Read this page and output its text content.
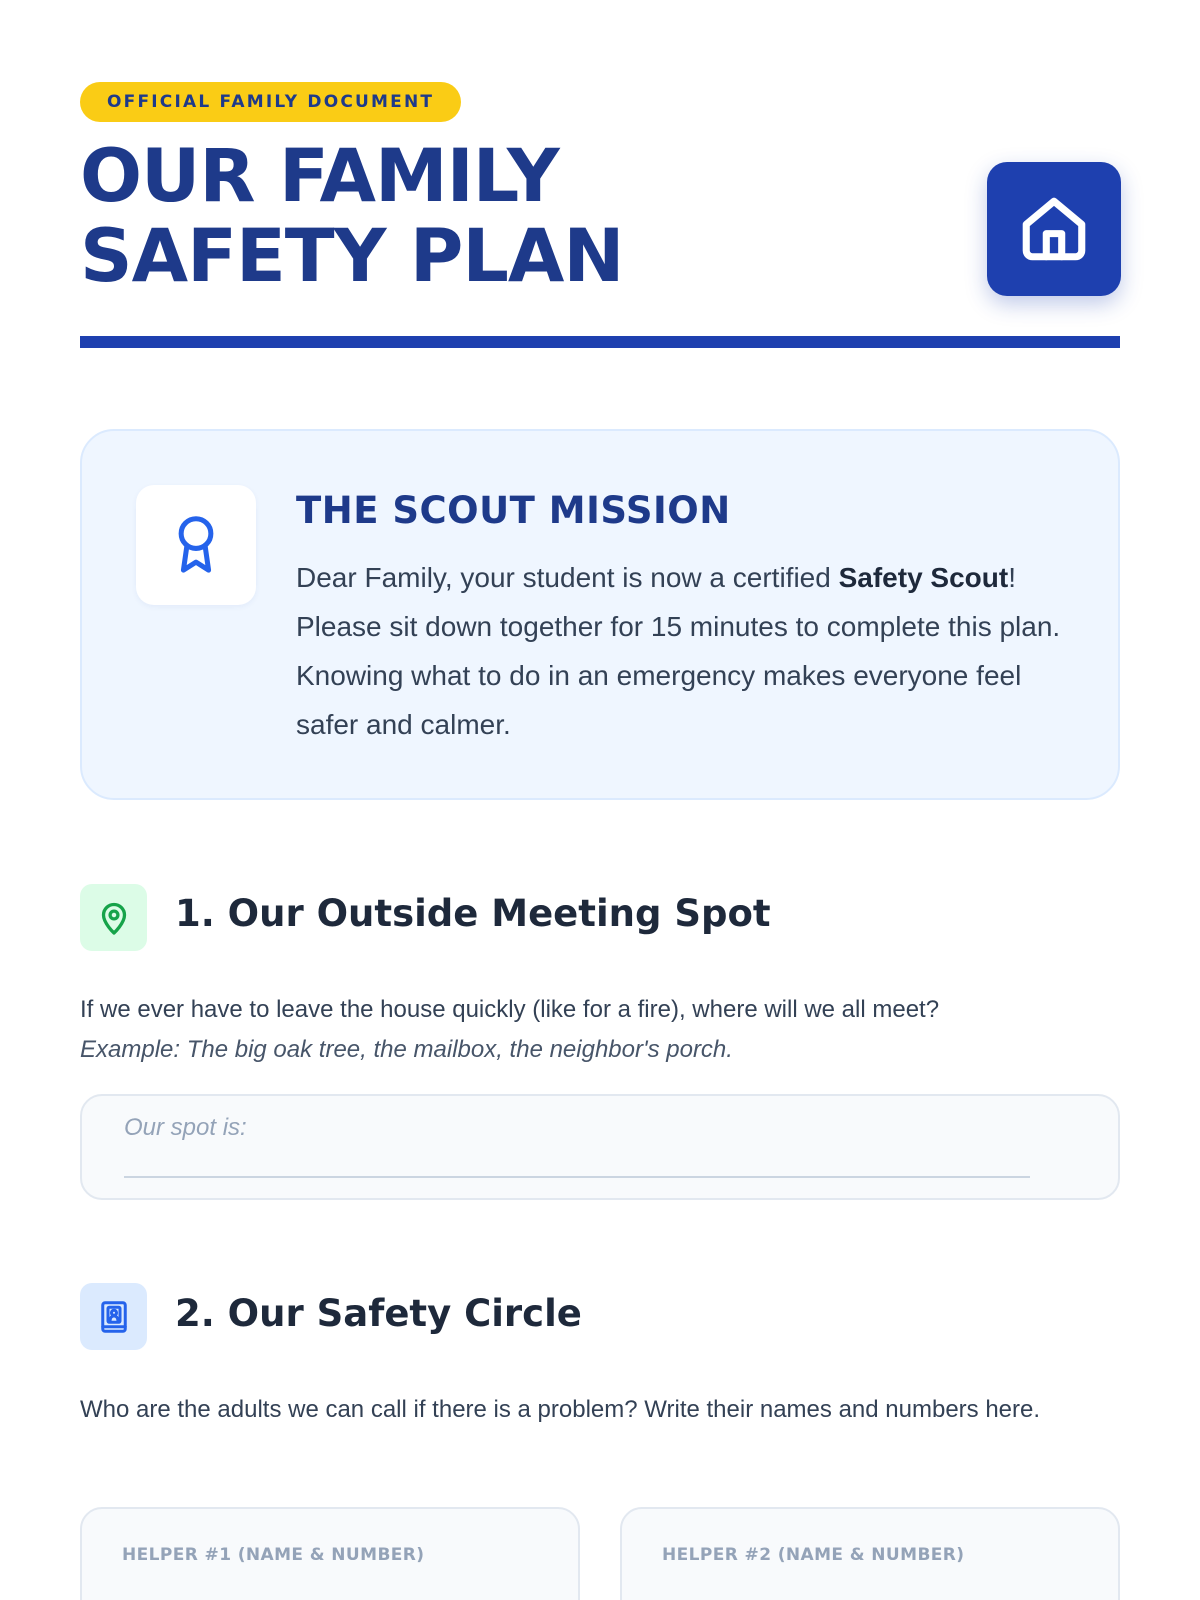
OFFICIAL FAMILY DOCUMENT
OUR FAMILY
SAFETY PLAN
THE SCOUT MISSION

Dear Family, your student is now a certified Safety Scout! Please sit down together for 15 minutes to complete this plan. Knowing what to do in an emergency makes everyone feel safer and calmer.

1. Our Outside Meeting Spot
If we ever have to leave the house quickly (like for a fire), where will we all meet?
Example: The big oak tree, the mailbox, the neighbor's porch.
Our spot is:
2. Our Safety Circle
Who are the adults we can call if there is a problem? Write their names and numbers here.
HELPER #1 (NAME & NUMBER)	HELPER #2 (NAME & NUMBER)
